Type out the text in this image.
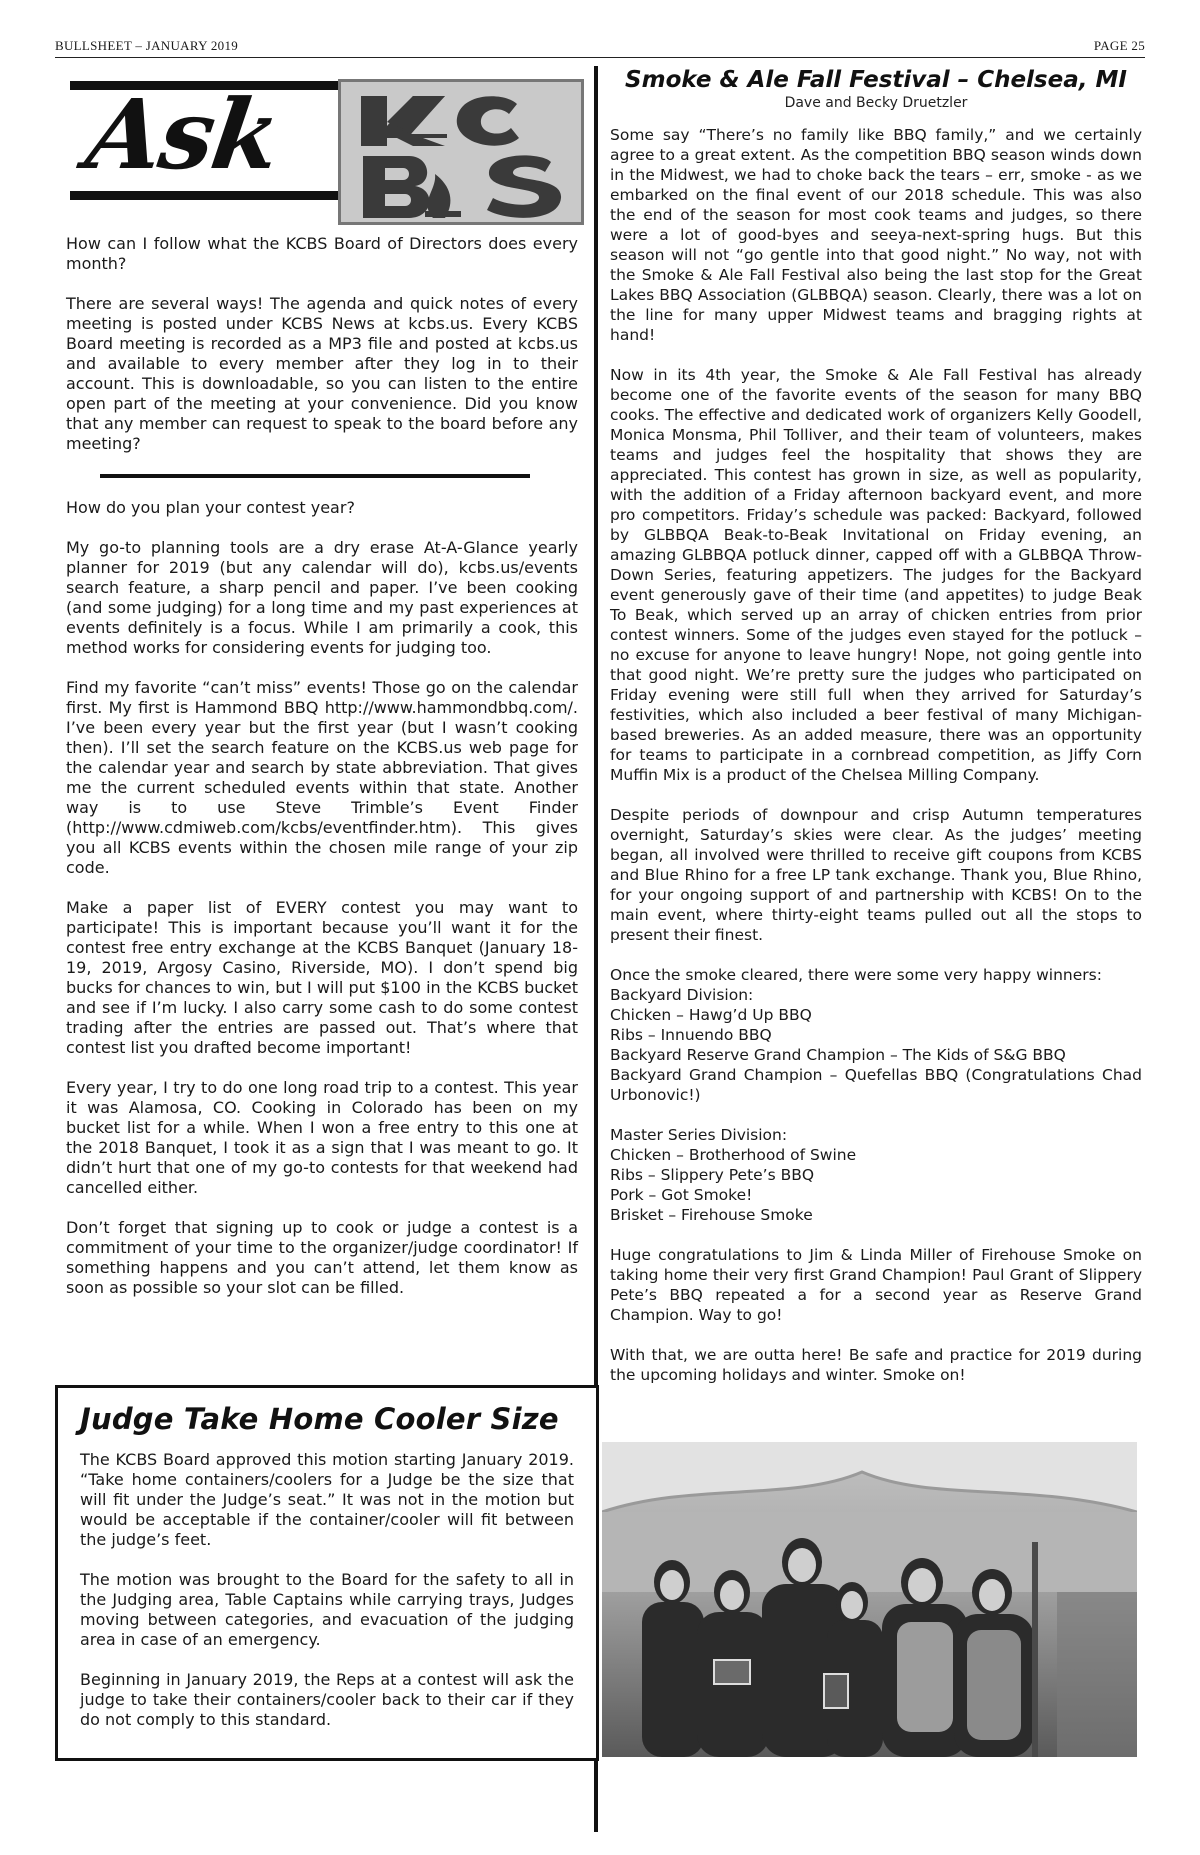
BULLSHEET – JANUARY 2019	PAGE 25
Ask

How can I follow what the KCBS Board of Directors does every month?

There are several ways! The agenda and quick notes of every meeting is posted under KCBS News at kcbs.us. Every KCBS Board meeting is recorded as a MP3 file and posted at kcbs.us and available to every member after they log in to their account. This is downloadable, so you can listen to the entire open part of the meeting at your convenience. Did you know that any member can request to speak to the board before any meeting?

How do you plan your contest year?

My go-to planning tools are a dry erase At-A-Glance yearly planner for 2019 (but any calendar will do), kcbs.us/events search feature, a sharp pencil and paper. I’ve been cooking (and some judging) for a long time and my past experiences at events definitely is a focus. While I am primarily a cook, this method works for considering events for judging too.

Find my favorite “can’t miss” events! Those go on the calendar first. My first is Hammond BBQ http://www.hammondbbq.com/. I’ve been every year but the first year (but I wasn’t cooking then). I’ll set the search feature on the KCBS.us web page for the calendar year and search by state abbreviation. That gives me the current scheduled events within that state. Another way is to use Steve Trimble’s Event Finder (http://www.cdmiweb.com/kcbs/eventfinder.htm). This gives you all KCBS events within the chosen mile range of your zip code.

Make a paper list of EVERY contest you may want to participate! This is important because you’ll want it for the contest free entry exchange at the KCBS Banquet (January 18-19, 2019, Argosy Casino, Riverside, MO). I don’t spend big bucks for chances to win, but I will put $100 in the KCBS bucket and see if I’m lucky. I also carry some cash to do some contest trading after the entries are passed out. That’s where that contest list you drafted become important!

Every year, I try to do one long road trip to a contest. This year it was Alamosa, CO. Cooking in Colorado has been on my bucket list for a while. When I won a free entry to this one at the 2018 Banquet, I took it as a sign that I was meant to go. It didn’t hurt that one of my go-to contests for that weekend had cancelled either.

Don’t forget that signing up to cook or judge a contest is a commitment of your time to the organizer/judge coordinator! If something happens and you can’t attend, let them know as soon as possible so your slot can be filled.

Judge Take Home Cooler Size

The KCBS Board approved this motion starting January 2019. “Take home containers/coolers for a Judge be the size that will fit under the Judge’s seat.” It was not in the motion but would be acceptable if the container/cooler will fit between the judge’s feet.

The motion was brought to the Board for the safety to all in the Judging area, Table Captains while carrying trays, Judges moving between categories, and evacuation of the judging area in case of an emergency.

Beginning in January 2019, the Reps at a contest will ask the judge to take their containers/cooler back to their car if they do not comply to this standard.

Smoke & Ale Fall Festival – Chelsea, MI
Dave and Becky Druetzler

Some say “There’s no family like BBQ family,” and we certainly agree to a great extent. As the competition BBQ season winds down in the Midwest, we had to choke back the tears – err, smoke - as we embarked on the final event of our 2018 schedule. This was also the end of the season for most cook teams and judges, so there were a lot of good-byes and seeya-next-spring hugs. But this season will not “go gentle into that good night.” No way, not with the Smoke & Ale Fall Festival also being the last stop for the Great Lakes BBQ Association (GLBBQA) season. Clearly, there was a lot on the line for many upper Midwest teams and bragging rights at hand!

Now in its 4th year, the Smoke & Ale Fall Festival has already become one of the favorite events of the season for many BBQ cooks. The effective and dedicated work of organizers Kelly Goodell, Monica Monsma, Phil Tolliver, and their team of volunteers, makes teams and judges feel the hospitality that shows they are appreciated. This contest has grown in size, as well as popularity, with the addition of a Friday afternoon backyard event, and more pro competitors. Friday’s schedule was packed: Backyard, followed by GLBBQA Beak-to-Beak Invitational on Friday evening, an amazing GLBBQA potluck dinner, capped off with a GLBBQA Throw-Down Series, featuring appetizers. The judges for the Backyard event generously gave of their time (and appetites) to judge Beak To Beak, which served up an array of chicken entries from prior contest winners. Some of the judges even stayed for the potluck – no excuse for anyone to leave hungry! Nope, not going gentle into that good night. We’re pretty sure the judges who participated on Friday evening were still full when they arrived for Saturday’s festivities, which also included a beer festival of many Michigan-based breweries. As an added measure, there was an opportunity for teams to participate in a cornbread competition, as Jiffy Corn Muffin Mix is a product of the Chelsea Milling Company.

Despite periods of downpour and crisp Autumn temperatures overnight, Saturday’s skies were clear. As the judges’ meeting began, all involved were thrilled to receive gift coupons from KCBS and Blue Rhino for a free LP tank exchange. Thank you, Blue Rhino, for your ongoing support of and partnership with KCBS! On to the main event, where thirty-eight teams pulled out all the stops to present their finest.

Once the smoke cleared, there were some very happy winners:
Backyard Division:
Chicken – Hawg’d Up BBQ
Ribs – Innuendo BBQ
Backyard Reserve Grand Champion – The Kids of S&G BBQ
Backyard Grand Champion – Quefellas BBQ (Congratulations Chad Urbonovic!)

Master Series Division:
Chicken – Brotherhood of Swine
Ribs – Slippery Pete’s BBQ
Pork – Got Smoke!
Brisket – Firehouse Smoke

Huge congratulations to Jim & Linda Miller of Firehouse Smoke on taking home their very first Grand Champion! Paul Grant of Slippery Pete’s BBQ repeated a for a second year as Reserve Grand Champion. Way to go!

With that, we are outta here! Be safe and practice for 2019 during the upcoming holidays and winter. Smoke on!
